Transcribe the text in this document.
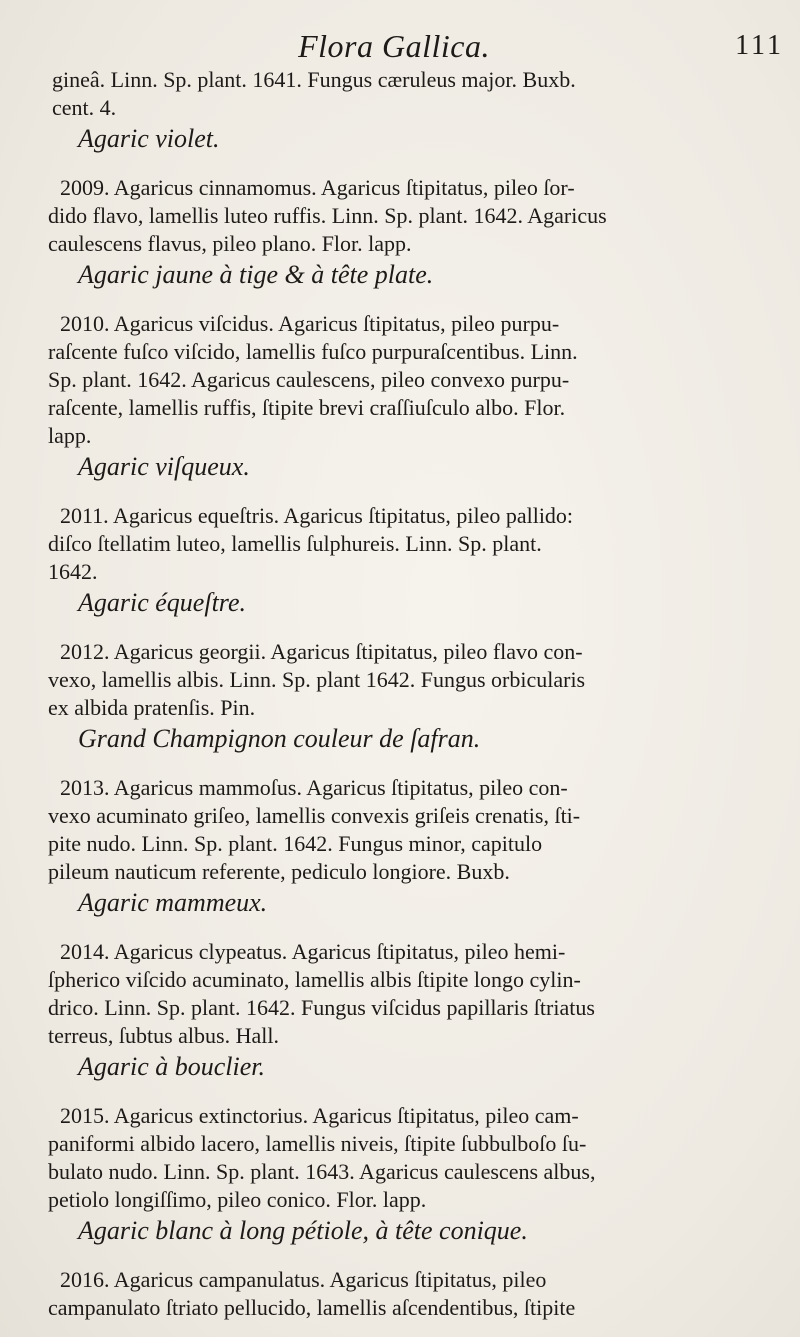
Flora Gallica.	111
gineâ. Linn. Sp. plant. 1641. Fungus cæruleus major. Buxb.
cent. 4.
Agaric violet.
2009. Agaricus cinnamomus. Agaricus ſtipitatus, pileo ſor-
dido flavo, lamellis luteo ruffis. Linn. Sp. plant. 1642. Agaricus
caulescens flavus, pileo plano. Flor. lapp.
Agaric jaune à tige & à tête plate.
2010. Agaricus viſcidus. Agaricus ſtipitatus, pileo purpu-
raſcente fuſco viſcido, lamellis fuſco purpuraſcentibus. Linn.
Sp. plant. 1642. Agaricus caulescens, pileo convexo purpu-
raſcente, lamellis ruffis, ſtipite brevi craſſiuſculo albo. Flor.
lapp.
Agaric viſqueux.
2011. Agaricus equeſtris. Agaricus ſtipitatus, pileo pallido:
diſco ſtellatim luteo, lamellis ſulphureis. Linn. Sp. plant.
1642.
Agaric équeſtre.
2012. Agaricus georgii. Agaricus ſtipitatus, pileo flavo con-
vexo, lamellis albis. Linn. Sp. plant 1642. Fungus orbicularis
ex albida pratenſis. Pin.
Grand Champignon couleur de ſafran.
2013. Agaricus mammoſus. Agaricus ſtipitatus, pileo con-
vexo acuminato griſeo, lamellis convexis griſeis crenatis, ſti-
pite nudo. Linn. Sp. plant. 1642. Fungus minor, capitulo
pileum nauticum referente, pediculo longiore. Buxb.
Agaric mammeux.
2014. Agaricus clypeatus. Agaricus ſtipitatus, pileo hemi-
ſpherico viſcido acuminato, lamellis albis ſtipite longo cylin-
drico. Linn. Sp. plant. 1642. Fungus viſcidus papillaris ſtriatus
terreus, ſubtus albus. Hall.
Agaric à bouclier.
2015. Agaricus extinctorius. Agaricus ſtipitatus, pileo cam-
paniformi albido lacero, lamellis niveis, ſtipite ſubbulboſo ſu-
bulato nudo. Linn. Sp. plant. 1643. Agaricus caulescens albus,
petiolo longiſſimo, pileo conico. Flor. lapp.
Agaric blanc à long pétiole, à tête conique.
2016. Agaricus campanulatus. Agaricus ſtipitatus, pileo
campanulato ſtriato pellucido, lamellis aſcendentibus, ſtipite
